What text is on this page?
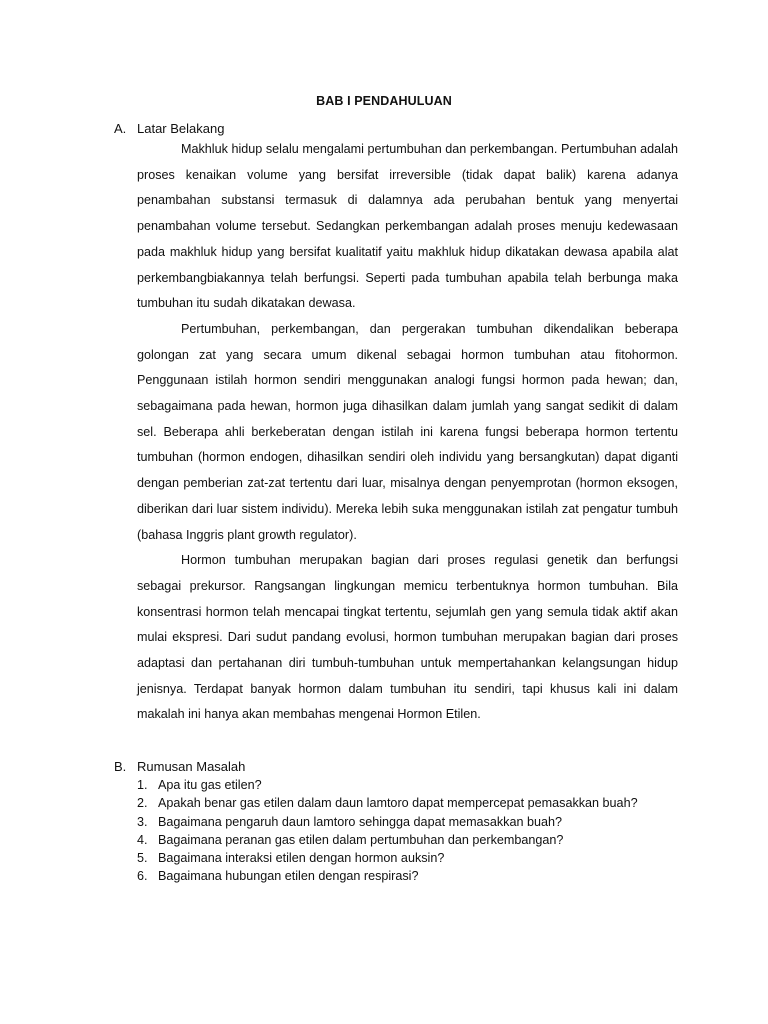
BAB I PENDAHULUAN
A. Latar Belakang

Makhluk hidup selalu mengalami pertumbuhan dan perkembangan. Pertumbuhan adalah proses kenaikan volume yang bersifat irreversible (tidak dapat balik) karena adanya penambahan substansi termasuk di dalamnya ada perubahan bentuk yang menyertai penambahan volume tersebut. Sedangkan perkembangan adalah proses menuju kedewasaan pada makhluk hidup yang bersifat kualitatif yaitu makhluk hidup dikatakan dewasa apabila alat perkembangbiakannya telah berfungsi. Seperti pada tumbuhan apabila telah berbunga maka tumbuhan itu sudah dikatakan dewasa.

Pertumbuhan, perkembangan, dan pergerakan tumbuhan dikendalikan beberapa golongan zat yang secara umum dikenal sebagai hormon tumbuhan atau fitohormon. Penggunaan istilah hormon sendiri menggunakan analogi fungsi hormon pada hewan; dan, sebagaimana pada hewan, hormon juga dihasilkan dalam jumlah yang sangat sedikit di dalam sel. Beberapa ahli berkeberatan dengan istilah ini karena fungsi beberapa hormon tertentu tumbuhan (hormon endogen, dihasilkan sendiri oleh individu yang bersangkutan) dapat diganti dengan pemberian zat-zat tertentu dari luar, misalnya dengan penyemprotan (hormon eksogen, diberikan dari luar sistem individu). Mereka lebih suka menggunakan istilah zat pengatur tumbuh (bahasa Inggris plant growth regulator).

Hormon tumbuhan merupakan bagian dari proses regulasi genetik dan berfungsi sebagai prekursor. Rangsangan lingkungan memicu terbentuknya hormon tumbuhan. Bila konsentrasi hormon telah mencapai tingkat tertentu, sejumlah gen yang semula tidak aktif akan mulai ekspresi. Dari sudut pandang evolusi, hormon tumbuhan merupakan bagian dari proses adaptasi dan pertahanan diri tumbuh-tumbuhan untuk mempertahankan kelangsungan hidup jenisnya. Terdapat banyak hormon dalam tumbuhan itu sendiri, tapi khusus kali ini dalam makalah ini hanya akan membahas mengenai Hormon Etilen.

B. Rumusan Masalah
1. Apa itu gas etilen?
2. Apakah benar gas etilen dalam daun lamtoro dapat mempercepat pemasakkan buah?
3. Bagaimana pengaruh daun lamtoro sehingga dapat memasakkan buah?
4. Bagaimana peranan gas etilen dalam pertumbuhan dan perkembangan?
5. Bagaimana interaksi etilen dengan hormon auksin?
6. Bagaimana hubungan etilen dengan respirasi?
